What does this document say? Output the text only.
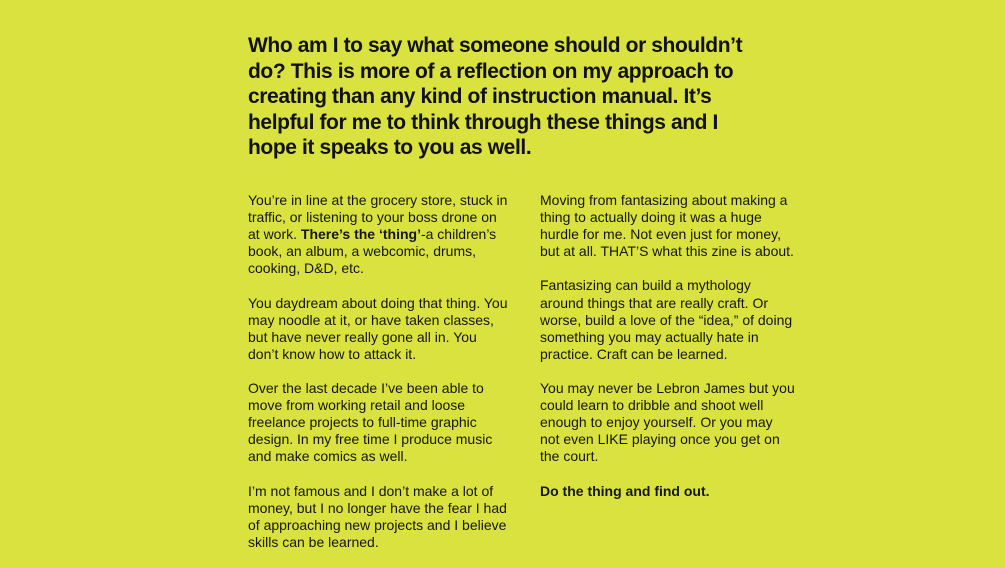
Who am I to say what someone should or shouldn’t do? This is more of a reflection on my approach to creating than any kind of instruction manual. It’s helpful for me to think through these things and I hope it speaks to you as well.

You’re in line at the grocery store, stuck in traffic, or listening to your boss drone on at work. There’s the ‘thing’-a children’s book, an album, a webcomic, drums, cooking, D&D, etc.

You daydream about doing that thing. You may noodle at it, or have taken classes, but have never really gone all in. You don’t know how to attack it.

Over the last decade I’ve been able to move from working retail and loose freelance projects to full-time graphic design. In my free time I produce music and make comics as well.

I’m not famous and I don’t make a lot of money, but I no longer have the fear I had of approaching new projects and I believe skills can be learned.

Moving from fantasizing about making a thing to actually doing it was a huge hurdle for me. Not even just for money, but at all. THAT’S what this zine is about.

Fantasizing can build a mythology around things that are really craft. Or worse, build a love of the “idea,” of doing something you may actually hate in practice. Craft can be learned.

You may never be Lebron James but you could learn to dribble and shoot well enough to enjoy yourself. Or you may not even LIKE playing once you get on the court.

Do the thing and find out.
